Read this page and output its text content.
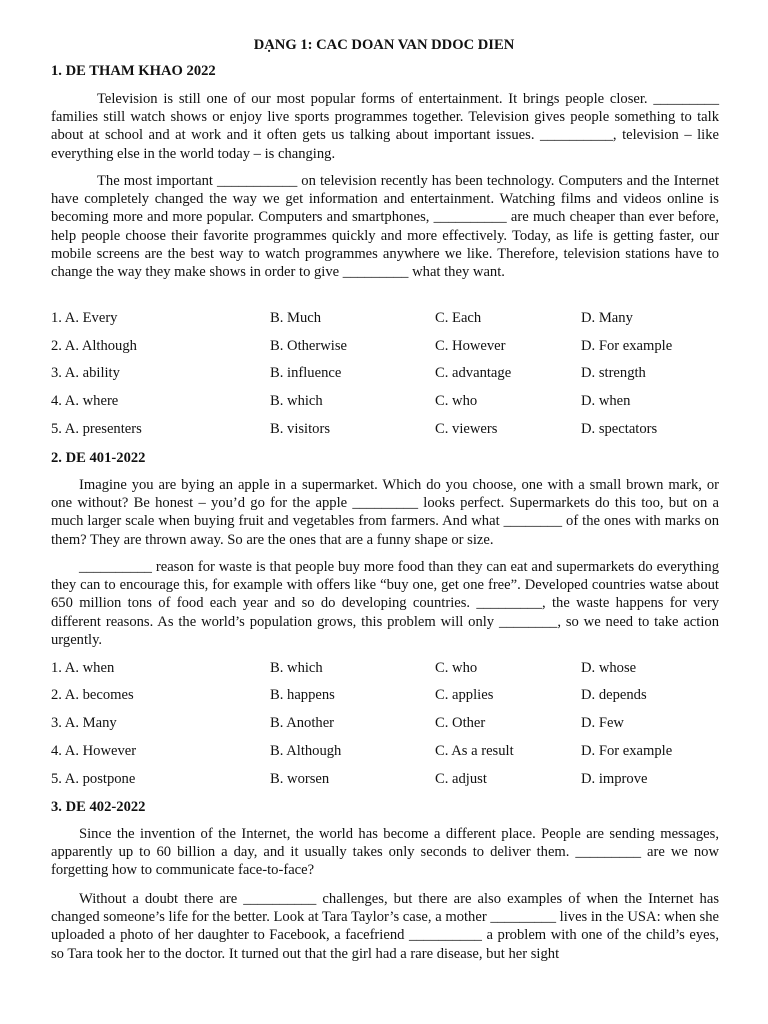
DẠNG 1: CAC DOAN VAN DDOC DIEN
1. DE THAM KHAO 2022

Television is still one of our most popular forms of entertainment. It brings people closer. _________ families still watch shows or enjoy live sports programmes together. Television gives people something to talk about at school and at work and it often gets us talking about important issues. __________, television – like everything else in the world today – is changing.

The most important ___________ on television recently has been technology. Computers and the Internet have completely changed the way we get information and entertainment. Watching films and videos online is becoming more and more popular. Computers and smartphones, __________ are much cheaper than ever before, help people choose their favorite programmes quickly and more effectively. Today, as life is getting faster, our mobile screens are the best way to watch programmes anywhere we like. Therefore, television stations have to change the way they make shows in order to give _________ what they want.

1. A. Every	B. Much	C. Each	D. Many
2. A. Although	B. Otherwise	C. However	D. For example
3. A. ability	B. influence	C. advantage	D. strength
4. A. where	B. which	C. who	D. when
5. A. presenters	B. visitors	C. viewers	D. spectators
2. DE 401-2022

Imagine you are bying an apple in a supermarket. Which do you choose, one with a small brown mark, or one without? Be honest – you’d go for the apple _________ looks perfect. Supermarkets do this too, but on a much larger scale when buying fruit and vegetables from farmers. And what ________ of the ones with marks on them? They are thrown away. So are the ones that are a funny shape or size.

__________ reason for waste is that people buy more food than they can eat and supermarkets do everything they can to encourage this, for example with offers like “buy one, get one free”. Developed countries watse about 650 million tons of food each year and so do developing countries. _________, the waste happens for very different reasons. As the world’s population grows, this problem will only ________, so we need to take action urgently.

1. A. when	B. which	C. who	D. whose
2. A. becomes	B. happens	C. applies	D. depends
3. A. Many	B. Another	C. Other	D. Few
4. A. However	B. Although	C. As a result	D. For example
5. A. postpone	B. worsen	C. adjust	D. improve
3. DE 402-2022

Since the invention of the Internet, the world has become a different place. People are sending messages, apparently up to 60 billion a day, and it usually takes only seconds to deliver them. _________ are we now forgetting how to communicate face-to-face?

Without a doubt there are __________ challenges, but there are also examples of when the Internet has changed someone’s life for the better. Look at Tara Taylor’s case, a mother _________ lives in the USA: when she uploaded a photo of her daughter to Facebook, a facefriend __________ a problem with one of the child’s eyes, so Tara took her to the doctor. It turned out that the girl had a rare disease, but her sight
